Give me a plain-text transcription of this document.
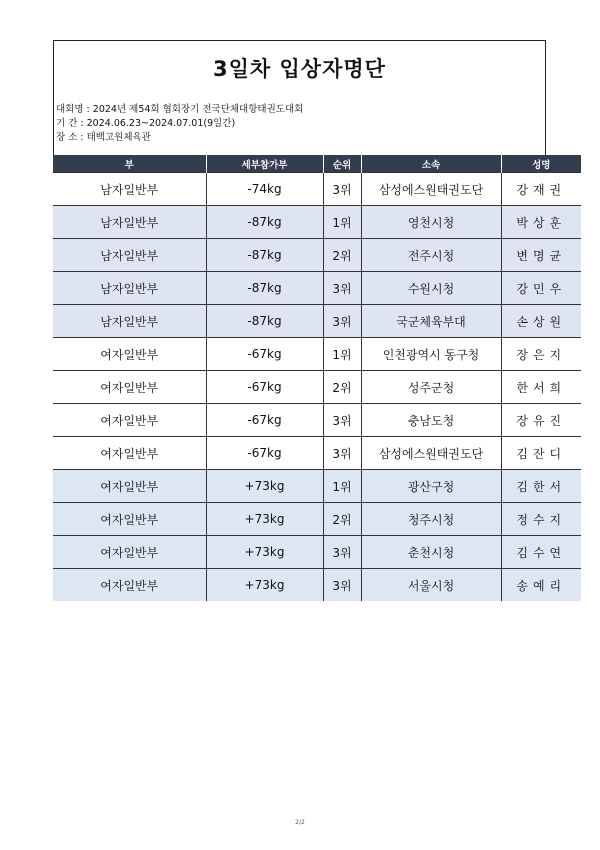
3일차 입상자명단
대회명 : 2024년 제54회 협회장기 전국단체대항태권도대회
기 간 : 2024.06.23~2024.07.01(9일간)
장 소 : 태백고원체육관
부	세부참가부	순위	소속	성명
남자일반부	-74kg	3위	삼성에스원태권도단	강재권
남자일반부	-87kg	1위	영천시청	박상훈
남자일반부	-87kg	2위	전주시청	변명균
남자일반부	-87kg	3위	수원시청	강민우
남자일반부	-87kg	3위	국군체육부대	손상원
여자일반부	-67kg	1위	인천광역시 동구청	장은지
여자일반부	-67kg	2위	성주군청	한서희
여자일반부	-67kg	3위	충남도청	장유진
여자일반부	-67kg	3위	삼성에스원태권도단	김잔디
여자일반부	+73kg	1위	광산구청	김한서
여자일반부	+73kg	2위	청주시청	정수지
여자일반부	+73kg	3위	춘천시청	김수연
여자일반부	+73kg	3위	서울시청	송예리
2/2
